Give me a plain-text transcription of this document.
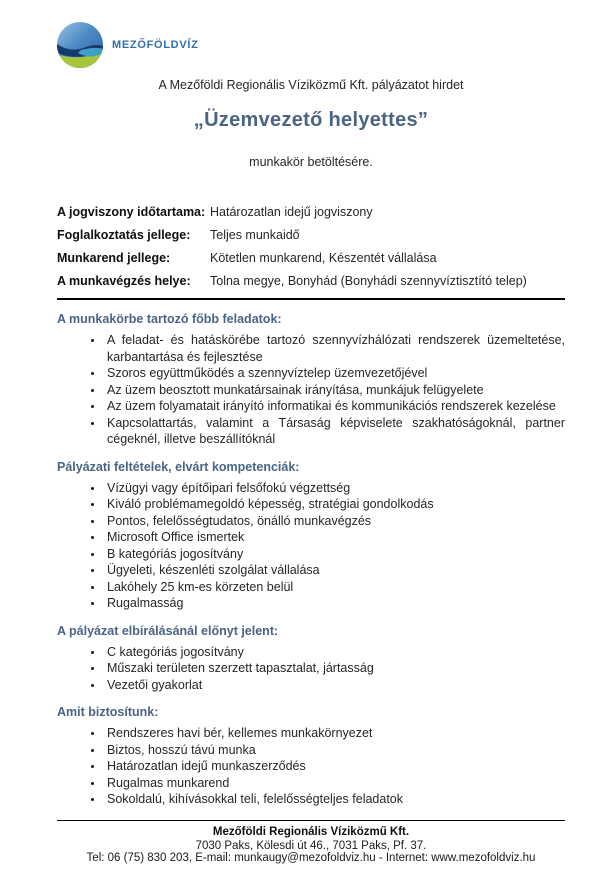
MEZŐFÖLDVÍZ
A Mezőföldi Regionális Víziközmű Kft. pályázatot hirdet
„Üzemvezető helyettes”
munkakör betöltésére.
A jogviszony időtartama: Határozatlan idejű jogviszony
Foglalkoztatás jellege:	Teljes munkaidő
Munkarend jellege:	Kötetlen munkarend, Készentét vállalása
A munkavégzés helye:	Tolna megye, Bonyhád (Bonyhádi szennyvíztisztító telep)
A munkakörbe tartozó főbb feladatok:
• A feladat- és hatáskörébe tartozó szennyvízhálózati rendszerek üzemeltetése, karbantartása és fejlesztése
• Szoros együttműködés a szennyvíztelep üzemvezetőjével
• Az üzem beosztott munkatársainak irányítása, munkájuk felügyelete
• Az üzem folyamatait irányító informatikai és kommunikációs rendszerek kezelése
• Kapcsolattartás, valamint a Társaság képviselete szakhatóságoknál, partner cégeknél, illetve beszállítóknál
Pályázati feltételek, elvárt kompetenciák:
• Vízügyi vagy építőipari felsőfokú végzettség
• Kiváló problémamegoldó képesség, stratégiai gondolkodás
• Pontos, felelősségtudatos, önálló munkavégzés
• Microsoft Office ismertek
• B kategóriás jogosítvány
• Ügyeleti, készenléti szolgálat vállalása
• Lakóhely 25 km-es körzeten belül
• Rugalmasság
A pályázat elbírálásánál előnyt jelent:
• C kategóriás jogosítvány
• Műszaki területen szerzett tapasztalat, jártasság
• Vezetői gyakorlat
Amit biztosítunk:
• Rendszeres havi bér, kellemes munkakörnyezet
• Biztos, hosszú távú munka
• Határozatlan idejű munkaszerződés
• Rugalmas munkarend
• Sokoldalú, kihívásokkal teli, felelősségteljes feladatok
Mezőföldi Regionális Víziközmű Kft.
7030 Paks, Kölesdi út 46., 7031 Paks, Pf. 37.
Tel: 06 (75) 830 203, E-mail: munkaugy@mezofoldviz.hu - Internet: www.mezofoldviz.hu
